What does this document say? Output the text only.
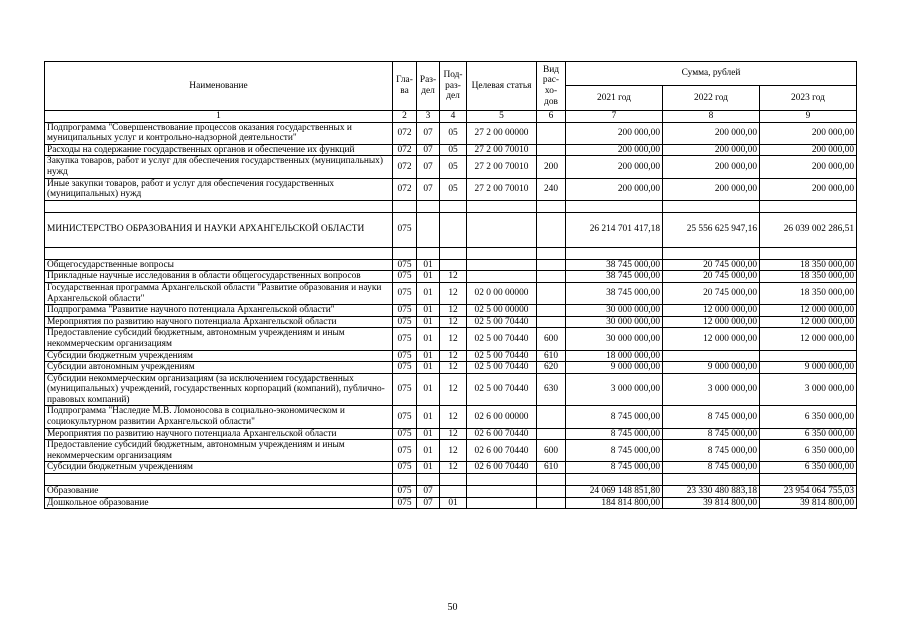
Наименование	Гла-ва	Раз-дел	Под-раз-дел	Целевая статья	Вид рас-хо-дов	Сумма, рублей		
						2021 год	2022 год	2023 год
1	2	3	4	5	6	7	8	9
Подпрограмма "Совершенствование процессов оказания государственных и муниципальных услуг и контрольно-надзорной деятельности"	072	07	05	27 2 00 00000		200 000,00	200 000,00	200 000,00
Расходы на содержание государственных органов и обеспечение их функций	072	07	05	27 2 00 70010		200 000,00	200 000,00	200 000,00
Закупка товаров, работ и услуг для обеспечения государственных (муниципальных) нужд	072	07	05	27 2 00 70010	200	200 000,00	200 000,00	200 000,00
Иные закупки товаров, работ и услуг для обеспечения государственных (муниципальных) нужд	072	07	05	27 2 00 70010	240	200 000,00	200 000,00	200 000,00

МИНИСТЕРСТВО ОБРАЗОВАНИЯ И НАУКИ АРХАНГЕЛЬСКОЙ ОБЛАСТИ	075					26 214 701 417,18	25 556 625 947,16	26 039 002 286,51

Общегосударственные вопросы	075	01				38 745 000,00	20 745 000,00	18 350 000,00
Прикладные научные исследования в области общегосударственных вопросов	075	01	12			38 745 000,00	20 745 000,00	18 350 000,00
Государственная программа Архангельской области "Развитие образования и науки Архангельской области"	075	01	12	02 0 00 00000		38 745 000,00	20 745 000,00	18 350 000,00
Подпрограмма "Развитие научного потенциала Архангельской области"	075	01	12	02 5 00 00000		30 000 000,00	12 000 000,00	12 000 000,00
Мероприятия по развитию научного потенциала Архангельской области	075	01	12	02 5 00 70440		30 000 000,00	12 000 000,00	12 000 000,00
Предоставление субсидий бюджетным, автономным учреждениям и иным некоммерческим организациям	075	01	12	02 5 00 70440	600	30 000 000,00	12 000 000,00	12 000 000,00
Субсидии бюджетным учреждениям	075	01	12	02 5 00 70440	610	18 000 000,00		
Субсидии автономным учреждениям	075	01	12	02 5 00 70440	620	9 000 000,00	9 000 000,00	9 000 000,00
Субсидии некоммерческим организациям (за исключением государственных (муниципальных) учреждений, государственных корпораций (компаний), публично-правовых компаний)	075	01	12	02 5 00 70440	630	3 000 000,00	3 000 000,00	3 000 000,00
Подпрограмма "Наследие М.В. Ломоносова в социально-экономическом и социокультурном развитии Архангельской области"	075	01	12	02 6 00 00000		8 745 000,00	8 745 000,00	6 350 000,00
Мероприятия по развитию научного потенциала Архангельской области	075	01	12	02 6 00 70440		8 745 000,00	8 745 000,00	6 350 000,00
Предоставление субсидий бюджетным, автономным учреждениям и иным некоммерческим организациям	075	01	12	02 6 00 70440	600	8 745 000,00	8 745 000,00	6 350 000,00
Субсидии бюджетным учреждениям	075	01	12	02 6 00 70440	610	8 745 000,00	8 745 000,00	6 350 000,00

Образование	075	07				24 069 148 851,80	23 330 480 883,18	23 954 064 755,03
Дошкольное образование	075	07	01			184 814 800,00	39 814 800,00	39 814 800,00
50
